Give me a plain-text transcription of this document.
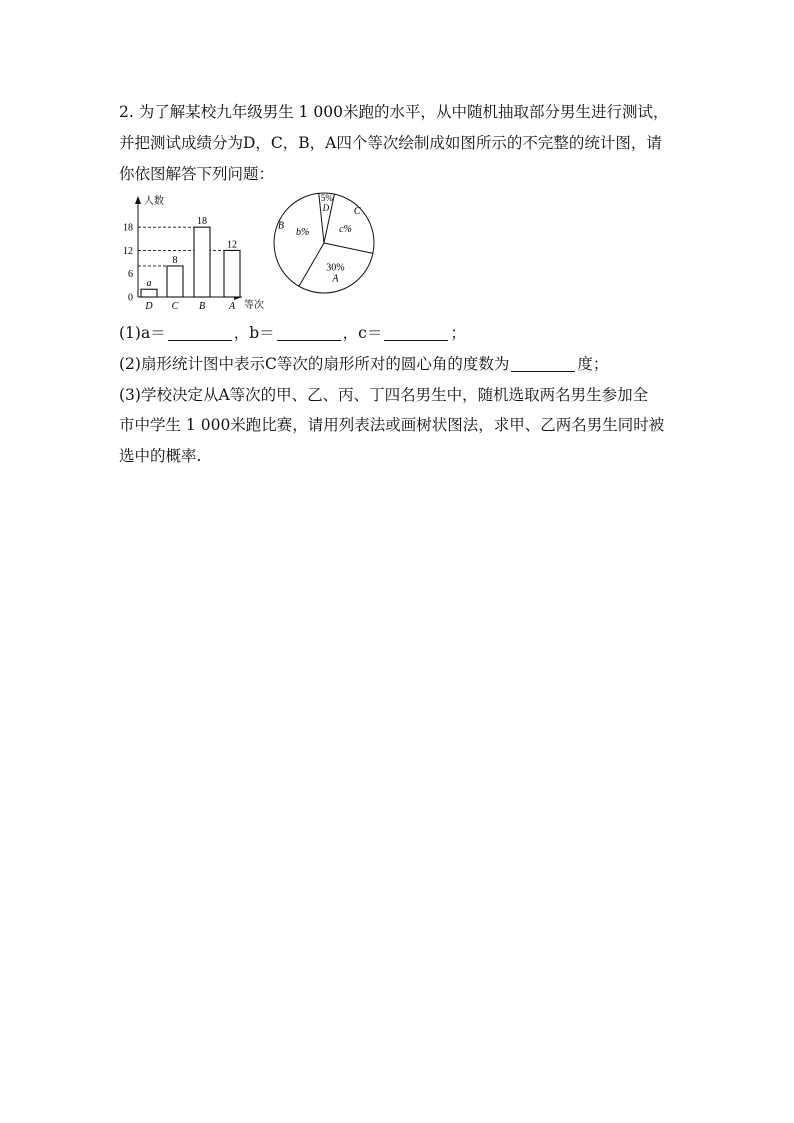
2. 为了解某校九年级男生 1 000米跑的水平，从中随机抽取部分男生进行测试，
并把测试成绩分为D，C，B，A四个等次绘制成如图所示的不完整的统计图，请
你依图解答下列问题：
人数
等次
0
6
12
18
a
D
8
C
18
B
12
A
5%
D
c%
C
30%
A
b%
B
(1)a＝	，b＝	，c＝	；
(2)扇形统计图中表示C等次的扇形所对的圆心角的度数为	度；
(3)学校决定从A等次的甲、乙、丙、丁四名男生中，随机选取两名男生参加全
市中学生 1 000米跑比赛，请用列表法或画树状图法，求甲、乙两名男生同时被
选中的概率.
